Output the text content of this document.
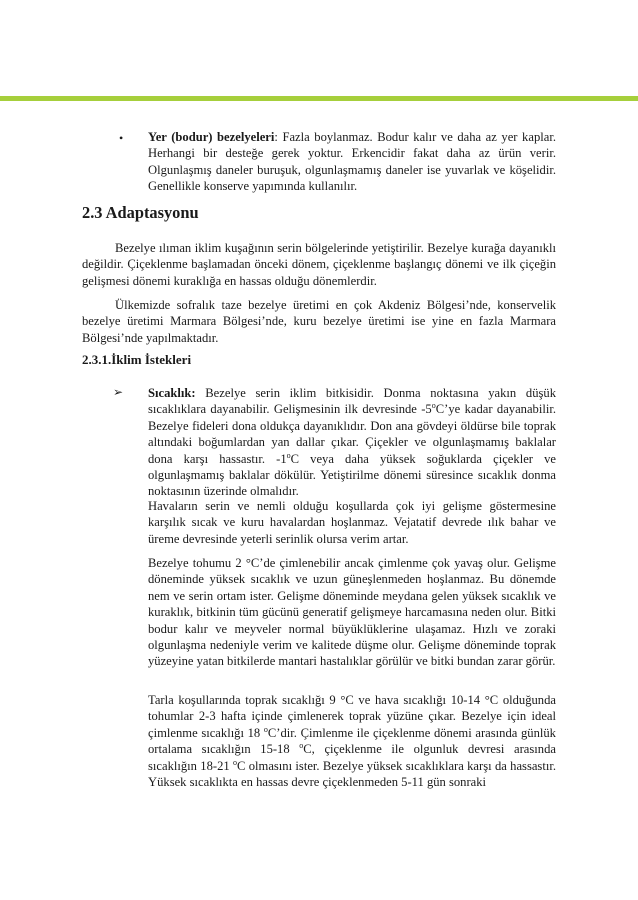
• Yer (bodur) bezelyeleri: Fazla boylanmaz. Bodur kalır ve daha az yer kaplar. Herhangi bir desteğe gerek yoktur. Erkencidir fakat daha az ürün verir. Olgunlaşmış daneler buruşuk, olgunlaşmamış daneler ise yuvarlak ve köşelidir. Genellikle konserve yapımında kullanılır.

2.3 Adaptasyonu

Bezelye ılıman iklim kuşağının serin bölgelerinde yetiştirilir. Bezelye kurağa dayanıklı değildir. Çiçeklenme başlamadan önceki dönem, çiçeklenme başlangıç dönemi ve ilk çiçeğin gelişmesi dönemi kuraklığa en hassas olduğu dönemlerdir.

Ülkemizde sofralık taze bezelye üretimi en çok Akdeniz Bölgesi’nde, konservelik bezelye üretimi Marmara Bölgesi’nde, kuru bezelye üretimi ise yine en fazla Marmara Bölgesi’nde yapılmaktadır.

2.3.1.İklim İstekleri
➢ Sıcaklık: Bezelye serin iklim bitkisidir. Donma noktasına yakın düşük sıcaklıklara dayanabilir. Gelişmesinin ilk devresinde -5$^o$C’ye kadar dayanabilir. Bezelye fideleri dona oldukça dayanıklıdır. Don ana gövdeyi öldürse bile toprak altındaki boğumlardan yan dallar çıkar. Çiçekler ve olgunlaşmamış baklalar dona karşı hassastır. -1$^o$C veya daha yüksek soğuklarda çiçekler ve olgunlaşmamış baklalar dökülür. Yetiştirilme dönemi süresince sıcaklık donma noktasının üzerinde olmalıdır.

Havaların serin ve nemli olduğu koşullarda çok iyi gelişme göstermesine karşılık sıcak ve kuru havalardan hoşlanmaz. Vejatatif devrede ılık bahar ve üreme devresinde yeterli serinlik olursa verim artar.

Bezelye tohumu 2 °C’de çimlenebilir ancak çimlenme çok yavaş olur. Gelişme döneminde yüksek sıcaklık ve uzun güneşlenmeden hoşlanmaz. Bu dönemde nem ve serin ortam ister. Gelişme döneminde meydana gelen yüksek sıcaklık ve kuraklık, bitkinin tüm gücünü generatif gelişmeye harcamasına neden olur. Bitki bodur kalır ve meyveler normal büyüklüklerine ulaşamaz. Hızlı ve zoraki olgunlaşma nedeniyle verim ve kalitede düşme olur. Gelişme döneminde toprak yüzeyine yatan bitkilerde mantari hastalıklar görülür ve bitki bundan zarar görür.

Tarla koşullarında toprak sıcaklığı 9 °C ve hava sıcaklığı 10-14 °C olduğunda tohumlar 2-3 hafta içinde çimlenerek toprak yüzüne çıkar. Bezelye için ideal çimlenme sıcaklığı 18 $^o$C’dir. Çimlenme ile çiçeklenme dönemi arasında günlük ortalama sıcaklığın 15-18 $^o$C, çiçeklenme ile olgunluk devresi arasında sıcaklığın 18-21 $^o$C olmasını ister. Bezelye yüksek sıcaklıklara karşı da hassastır. Yüksek sıcaklıkta en hassas devre çiçeklenmeden 5-11 gün sonraki
